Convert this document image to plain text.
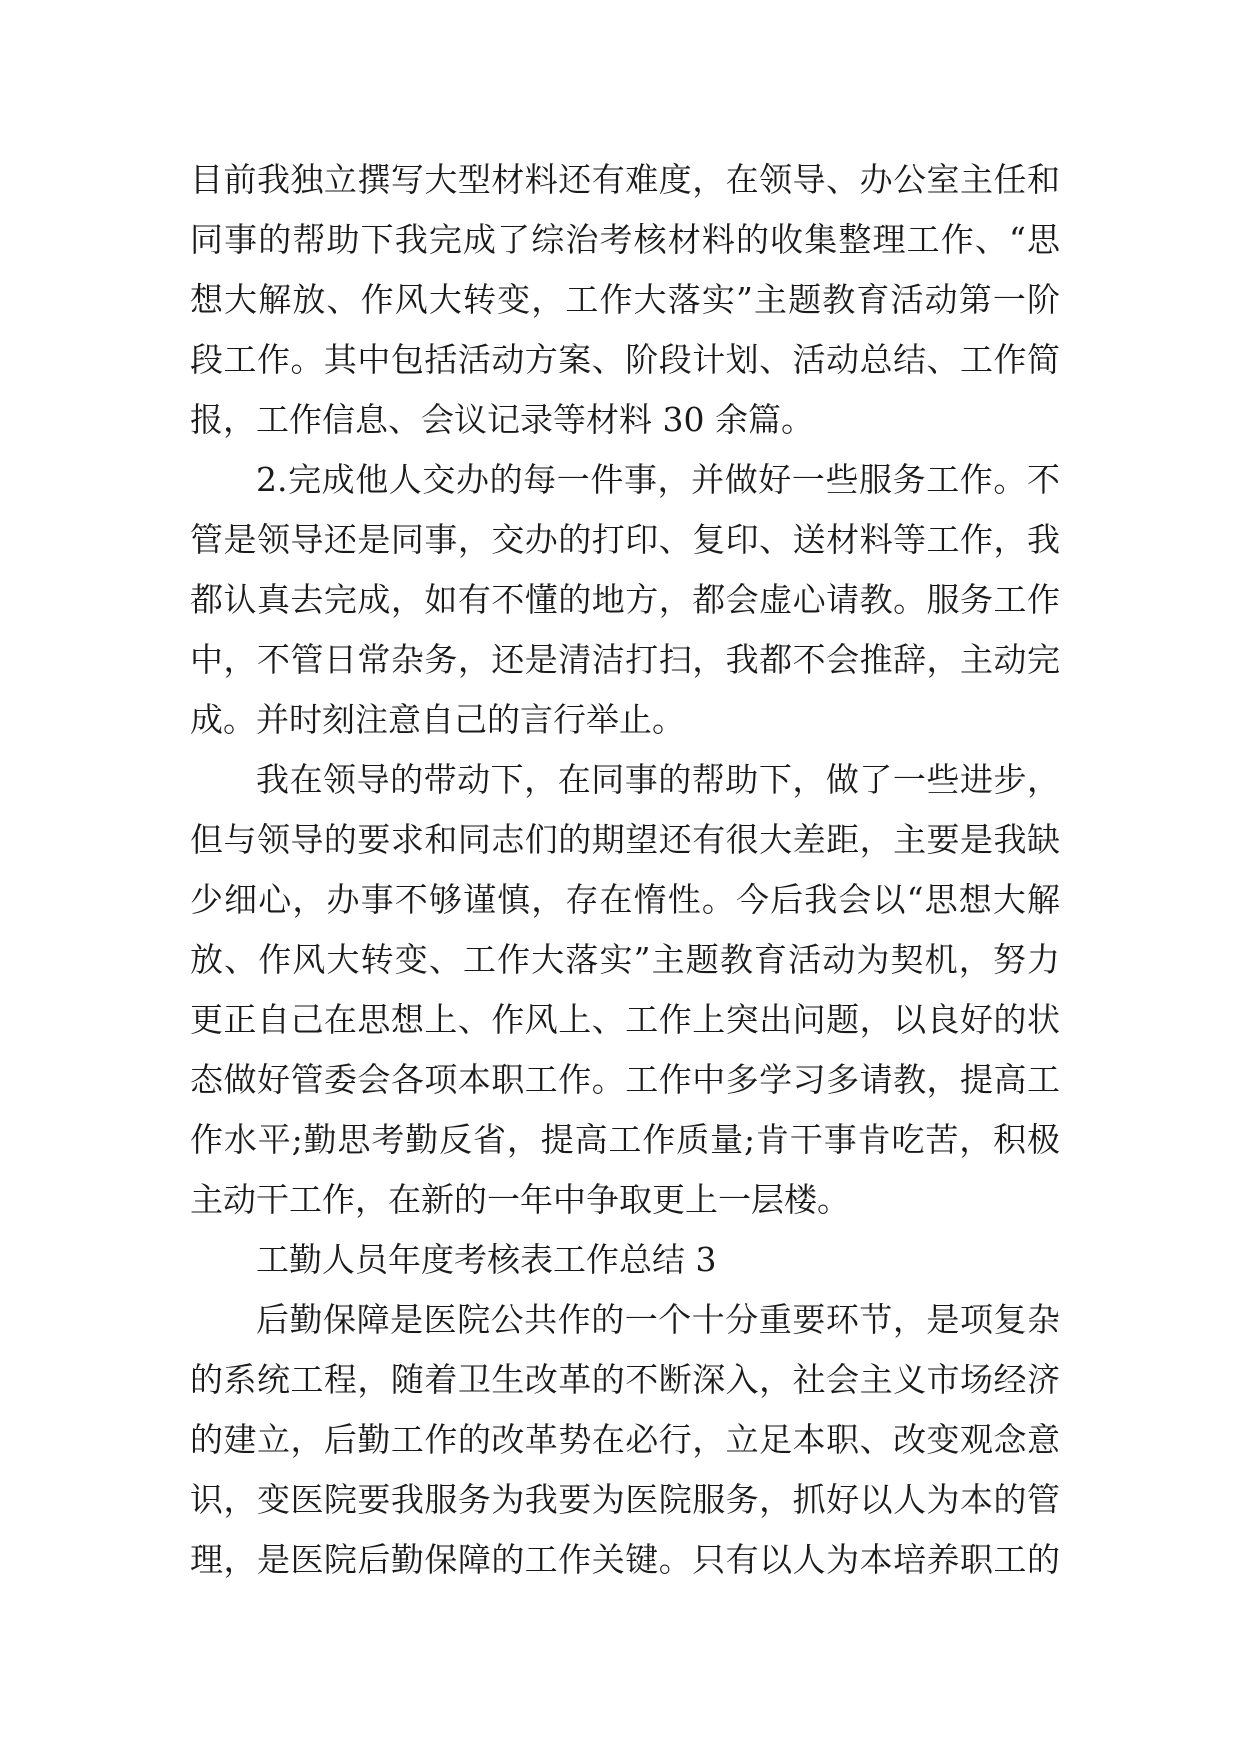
目前我独立撰写大型材料还有难度，在领导、办公室主任和
同事的帮助下我完成了综治考核材料的收集整理工作、“思
想大解放、作风大转变，工作大落实”主题教育活动第一阶
段工作。其中包括活动方案、阶段计划、活动总结、工作简
报，工作信息、会议记录等材料 30 余篇。
2.完成他人交办的每一件事，并做好一些服务工作。不
管是领导还是同事，交办的打印、复印、送材料等工作，我
都认真去完成，如有不懂的地方，都会虚心请教。服务工作
中，不管日常杂务，还是清洁打扫，我都不会推辞，主动完
成。并时刻注意自己的言行举止。
我在领导的带动下，在同事的帮助下，做了一些进步，
但与领导的要求和同志们的期望还有很大差距，主要是我缺
少细心，办事不够谨慎，存在惰性。今后我会以“思想大解
放、作风大转变、工作大落实”主题教育活动为契机，努力
更正自己在思想上、作风上、工作上突出问题，以良好的状
态做好管委会各项本职工作。工作中多学习多请教，提高工
作水平;勤思考勤反省，提高工作质量;肯干事肯吃苦，积极
主动干工作，在新的一年中争取更上一层楼。
工勤人员年度考核表工作总结 3
后勤保障是医院公共作的一个十分重要环节，是项复杂
的系统工程，随着卫生改革的不断深入，社会主义市场经济
的建立，后勤工作的改革势在必行，立足本职、改变观念意
识，变医院要我服务为我要为医院服务，抓好以人为本的管
理，是医院后勤保障的工作关键。只有以人为本培养职工的
